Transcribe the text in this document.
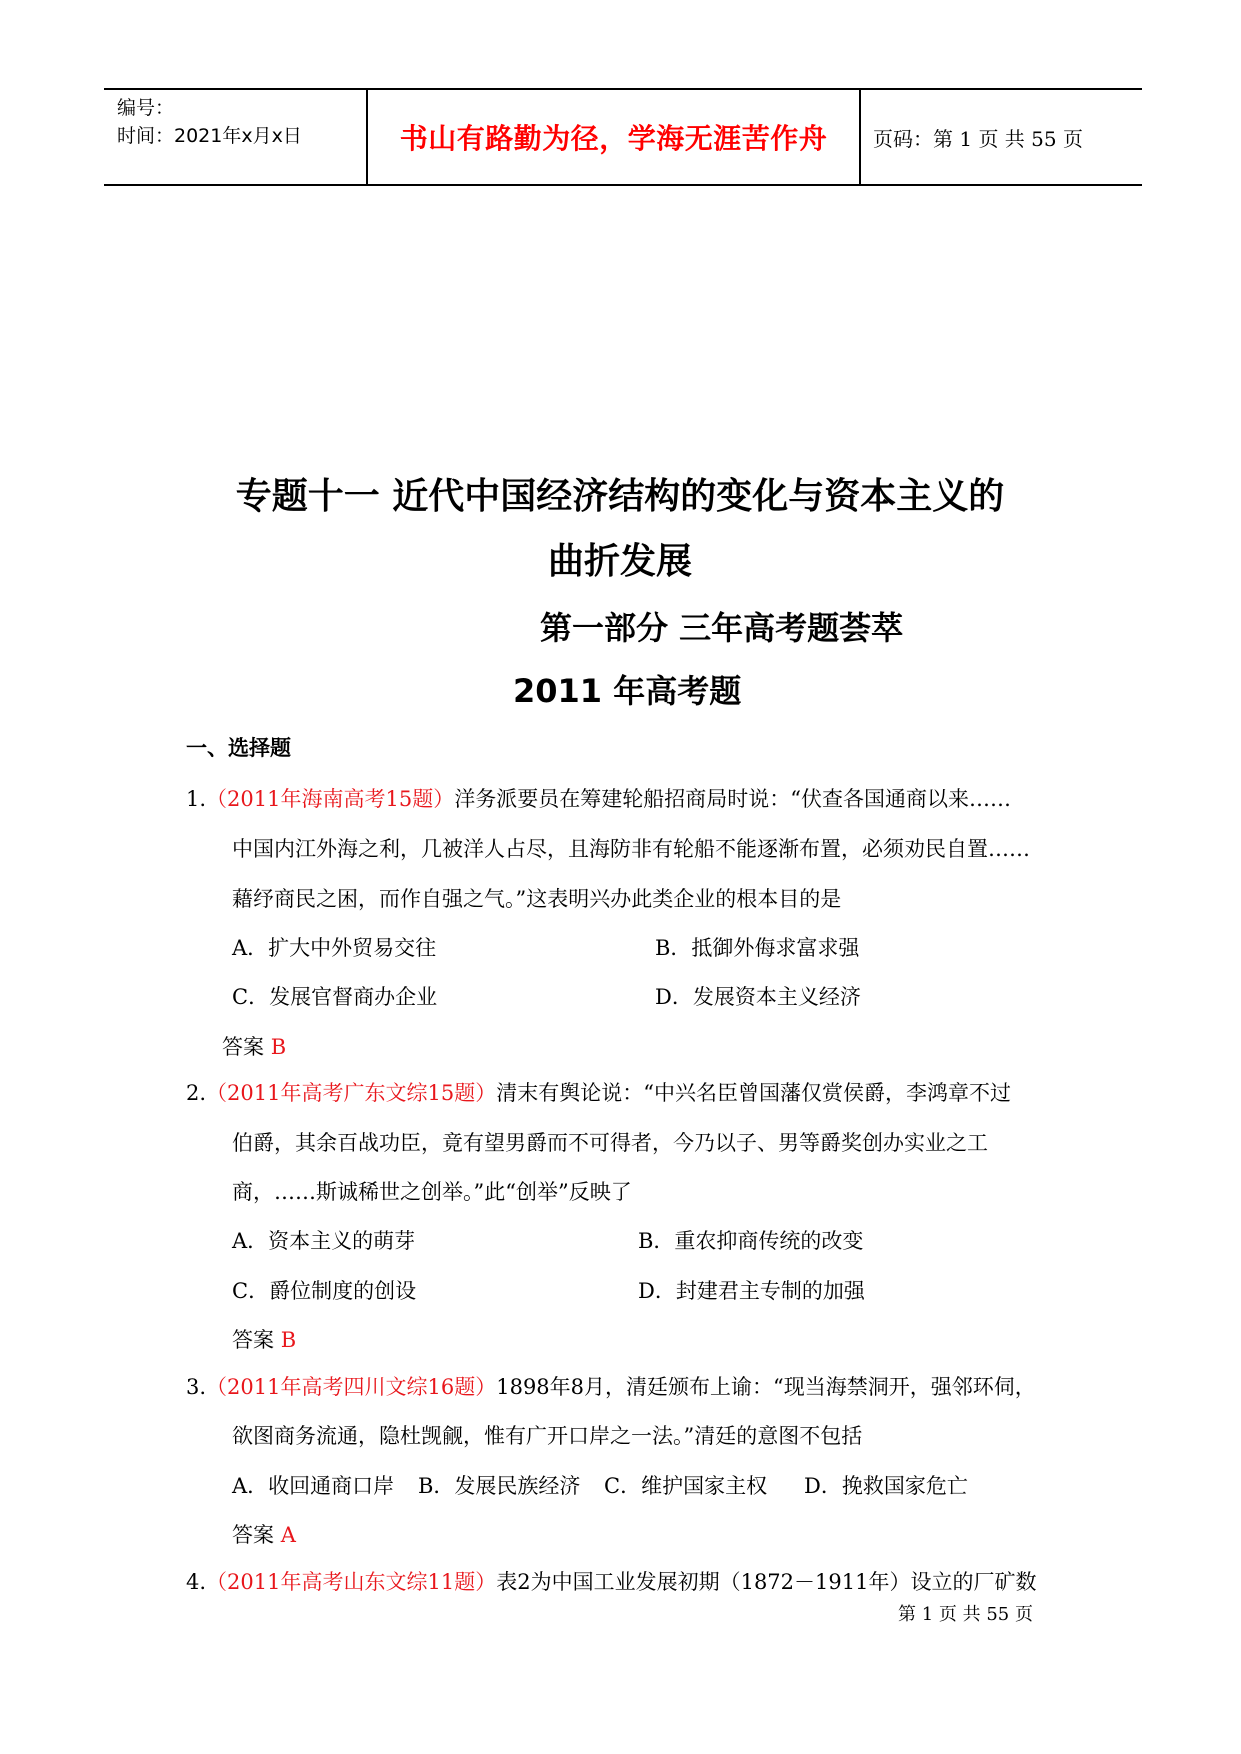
编号：
时间：2021年x月x日	书山有路勤为径，学海无涯苦作舟	页码：第 1 页 共 55 页
专题十一 近代中国经济结构的变化与资本主义的
曲折发展
第一部分 三年高考题荟萃
2011 年高考题
一、选择题
1.（2011年海南高考15题）洋务派要员在筹建轮船招商局时说：“伏查各国通商以来……
中国内江外海之利，几被洋人占尽，且海防非有轮船不能逐渐布置，必须劝民自置……
藉纾商民之困，而作自强之气。”这表明兴办此类企业的根本目的是
A．扩大中外贸易交往	B．抵御外侮求富求强
C．发展官督商办企业	D．发展资本主义经济
答案 B
2.（2011年高考广东文综15题）清末有舆论说：“中兴名臣曾国藩仅赏侯爵，李鸿章不过
伯爵，其余百战功臣，竟有望男爵而不可得者，今乃以子、男等爵奖创办实业之工
商，……斯诚稀世之创举。”此“创举”反映了
A．资本主义的萌芽	B．重农抑商传统的改变
C．爵位制度的创设	D．封建君主专制的加强
答案 B
3.（2011年高考四川文综16题）1898年8月，清廷颁布上谕：“现当海禁洞开，强邻环伺，
欲图商务流通，隐杜觊觎，惟有广开口岸之一法。”清廷的意图不包括
A．收回通商口岸 B．发展民族经济 C．维护国家主权 D．挽救国家危亡
答案 A
4.（2011年高考山东文综11题）表2为中国工业发展初期（1872－1911年）设立的厂矿数
第 1 页 共 55 页
